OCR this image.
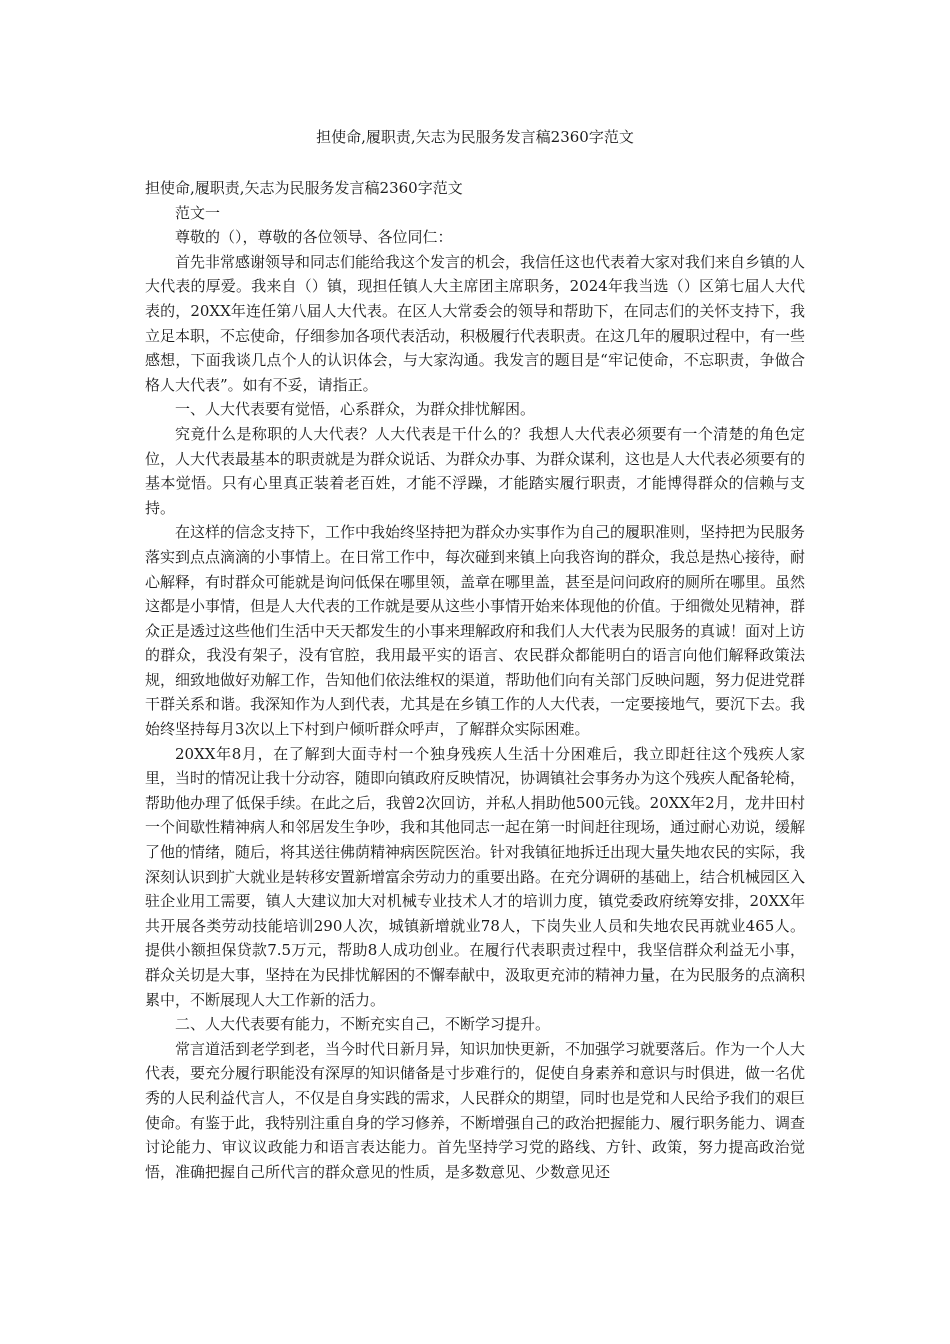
担使命,履职责,矢志为民服务发言稿2360字范文

担使命,履职责,矢志为民服务发言稿2360字范文

范文一

尊敬的（），尊敬的各位领导、各位同仁：

首先非常感谢领导和同志们能给我这个发言的机会，我信任这也代表着大家对我们来自乡镇的人大代表的厚爱。我来自（）镇，现担任镇人大主席团主席职务，2024年我当选（）区第七届人大代表的，20XX年连任第八届人大代表。在区人大常委会的领导和帮助下，在同志们的关怀支持下，我立足本职，不忘使命，仔细参加各项代表活动，积极履行代表职责。在这几年的履职过程中，有一些感想，下面我谈几点个人的认识体会，与大家沟通。我发言的题目是“牢记使命，不忘职责，争做合格人大代表”。如有不妥，请指正。

一、人大代表要有觉悟，心系群众，为群众排忧解困。

究竟什么是称职的人大代表？人大代表是干什么的？我想人大代表必须要有一个清楚的角色定位，人大代表最基本的职责就是为群众说话、为群众办事、为群众谋利，这也是人大代表必须要有的基本觉悟。只有心里真正装着老百姓，才能不浮躁，才能踏实履行职责，才能博得群众的信赖与支持。

在这样的信念支持下，工作中我始终坚持把为群众办实事作为自己的履职准则，坚持把为民服务落实到点点滴滴的小事情上。在日常工作中，每次碰到来镇上向我咨询的群众，我总是热心接待，耐心解释，有时群众可能就是询问低保在哪里领，盖章在哪里盖，甚至是问问政府的厕所在哪里。虽然这都是小事情，但是人大代表的工作就是要从这些小事情开始来体现他的价值。于细微处见精神，群众正是透过这些他们生活中天天都发生的小事来理解政府和我们人大代表为民服务的真诚！面对上访的群众，我没有架子，没有官腔，我用最平实的语言、农民群众都能明白的语言向他们解释政策法规，细致地做好劝解工作，告知他们依法维权的渠道，帮助他们向有关部门反映问题，努力促进党群干群关系和谐。我深知作为人到代表，尤其是在乡镇工作的人大代表，一定要接地气，要沉下去。我始终坚持每月3次以上下村到户倾听群众呼声，了解群众实际困难。

20XX年8月，在了解到大面寺村一个独身残疾人生活十分困难后，我立即赶往这个残疾人家里，当时的情况让我十分动容，随即向镇政府反映情况，协调镇社会事务办为这个残疾人配备轮椅，帮助他办理了低保手续。在此之后，我曾2次回访，并私人捐助他500元钱。20XX年2月，龙井田村一个间歇性精神病人和邻居发生争吵，我和其他同志一起在第一时间赶往现场，通过耐心劝说，缓解了他的情绪，随后，将其送往佛荫精神病医院医治。针对我镇征地拆迁出现大量失地农民的实际，我深刻认识到扩大就业是转移安置新增富余劳动力的重要出路。在充分调研的基础上，结合机械园区入驻企业用工需要，镇人大建议加大对机械专业技术人才的培训力度，镇党委政府统筹安排，20XX年共开展各类劳动技能培训290人次，城镇新增就业78人，下岗失业人员和失地农民再就业465人。提供小额担保贷款7.5万元，帮助8人成功创业。在履行代表职责过程中，我坚信群众利益无小事，群众关切是大事，坚持在为民排忧解困的不懈奉献中，汲取更充沛的精神力量，在为民服务的点滴积累中，不断展现人大工作新的活力。

二、人大代表要有能力，不断充实自己，不断学习提升。

常言道活到老学到老，当今时代日新月异，知识加快更新，不加强学习就要落后。作为一个人大代表，要充分履行职能没有深厚的知识储备是寸步难行的，促使自身素养和意识与时俱进，做一名优秀的人民利益代言人，不仅是自身实践的需求，人民群众的期望，同时也是党和人民给予我们的艰巨使命。有鉴于此，我特别注重自身的学习修养，不断增强自己的政治把握能力、履行职务能力、调查讨论能力、审议议政能力和语言表达能力。首先坚持学习党的路线、方针、政策，努力提高政治觉悟，准确把握自己所代言的群众意见的性质，是多数意见、少数意见还
